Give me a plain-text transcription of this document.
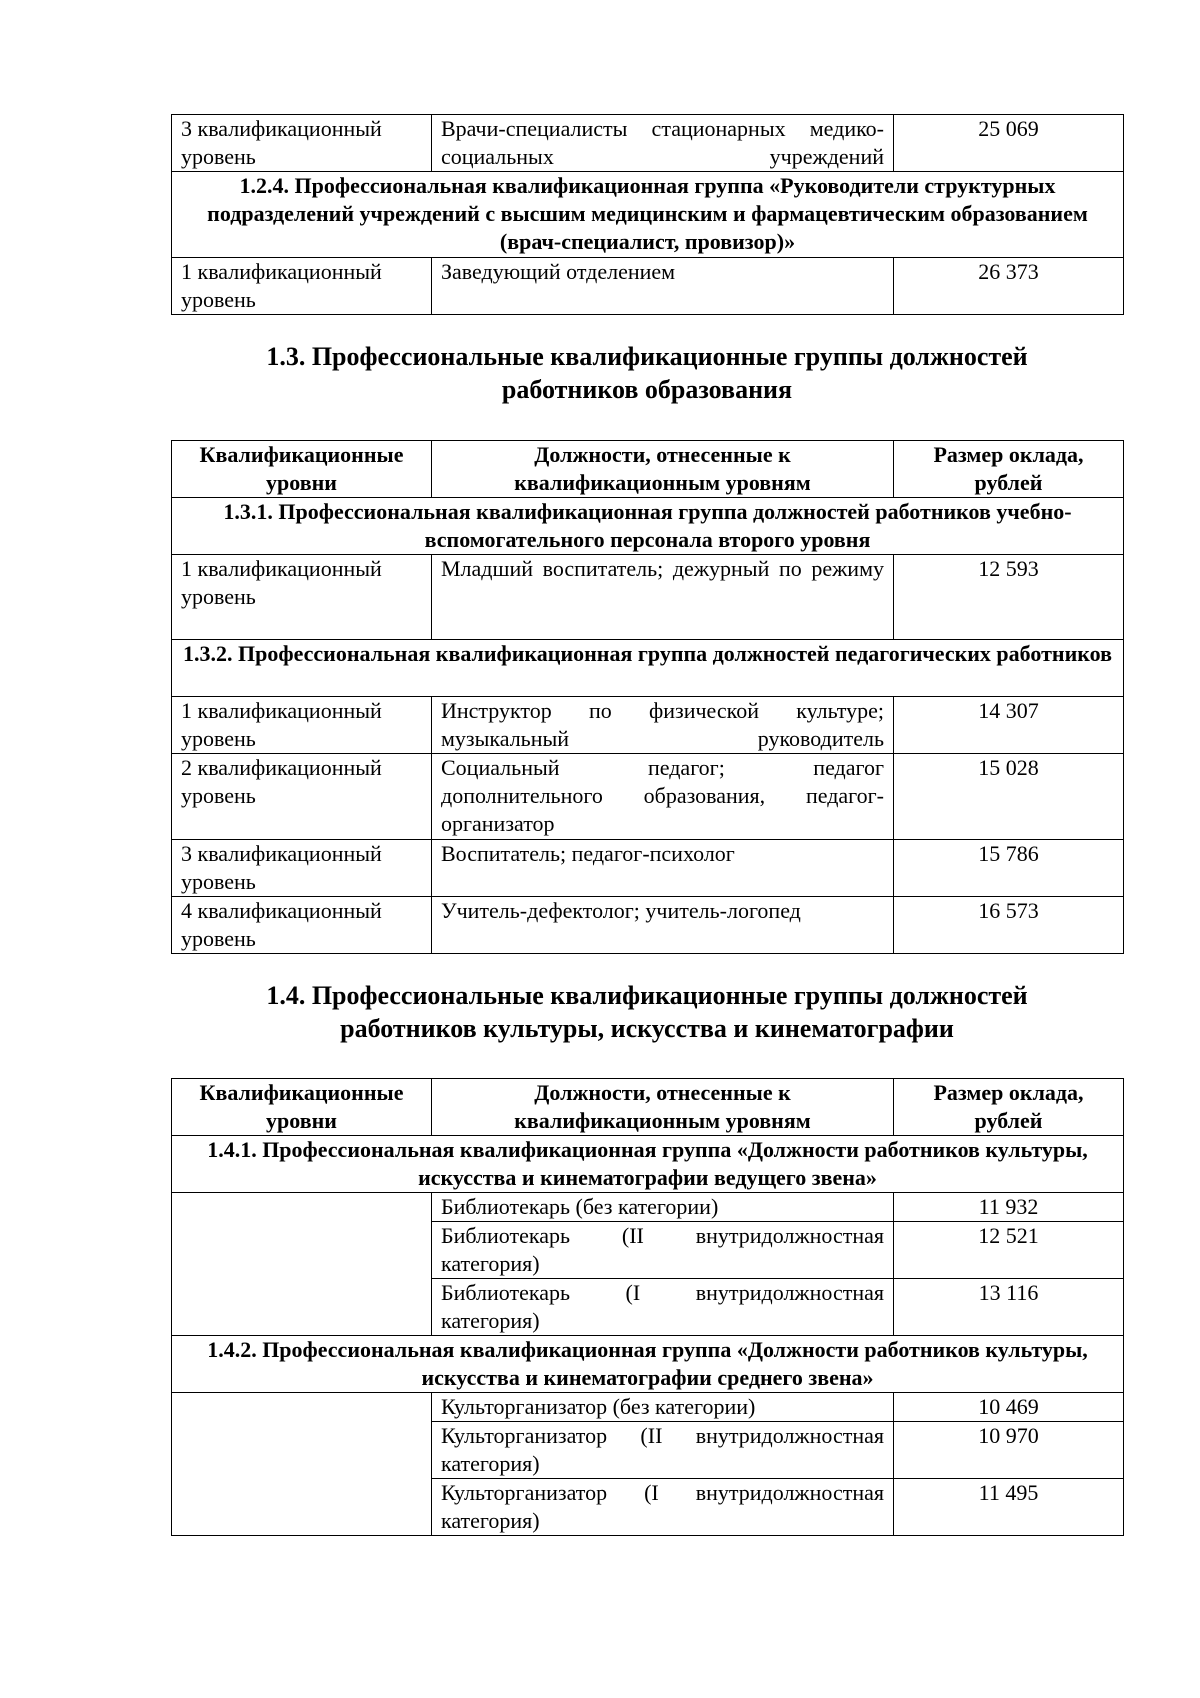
3 квалификационный уровень	Врачи-специалисты стационарных медико-социальных учреждений	25 069
1.2.4. Профессиональная квалификационная группа «Руководители структурных подразделений учреждений с высшим медицинским и фармацевтическим образованием (врач-специалист, провизор)»		
1 квалификационный уровень	Заведующий отделением	26 373
1.3. Профессиональные квалификационные группы должностей работников образования
Квалификационные уровни	Должности, отнесенные к квалификационным уровням	Размер оклада, рублей
1.3.1. Профессиональная квалификационная группа должностей работников учебно-вспомогательного персонала второго уровня		
1 квалификационный уровень	Младший воспитатель; дежурный по режиму	12 593
1.3.2. Профессиональная квалификационная группа должностей педагогических работников		
1 квалификационный уровень	Инструктор по физической культуре; музыкальный руководитель	14 307
2 квалификационный уровень	Социальный педагог; педагог дополнительного образования, педагог-организатор	15 028
3 квалификационный уровень	Воспитатель; педагог-психолог	15 786
4 квалификационный уровень	Учитель-дефектолог; учитель-логопед	16 573
1.4. Профессиональные квалификационные группы должностей работников культуры, искусства и кинематографии
Квалификационные уровни	Должности, отнесенные к квалификационным уровням	Размер оклада, рублей
1.4.1. Профессиональная квалификационная группа «Должности работников культуры, искусства и кинематографии ведущего звена»		
	Библиотекарь (без категории)	11 932
	Библиотекарь (II внутридолжностная категория)	12 521
	Библиотекарь (I внутридолжностная категория)	13 116
1.4.2. Профессиональная квалификационная группа «Должности работников культуры, искусства и кинематографии среднего звена»		
	Культорганизатор (без категории)	10 469
	Культорганизатор (II внутридолжностная категория)	10 970
	Культорганизатор (I внутридолжностная категория)	11 495
